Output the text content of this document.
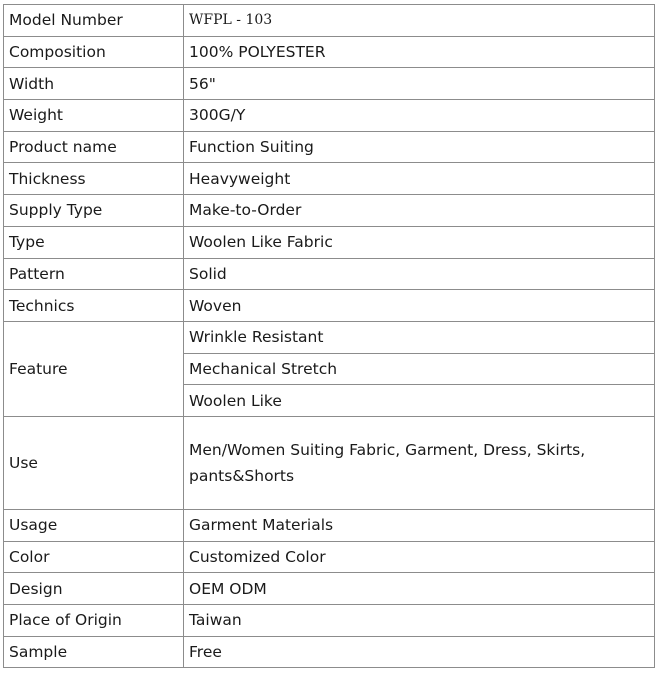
Model Number	WFPL - 103
Composition	100% POLYESTER
Width	56"
Weight	300G/Y
Product name	Function Suiting
Thickness	Heavyweight
Supply Type	Make-to-Order
Type	Woolen Like Fabric
Pattern	Solid
Technics	Woven
Feature	Wrinkle Resistant
	Mechanical Stretch
	Woolen Like
Use	Men/Women Suiting Fabric, Garment, Dress, Skirts, pants&Shorts
Usage	Garment Materials
Color	Customized Color
Design	OEM ODM
Place of Origin	Taiwan
Sample	Free
